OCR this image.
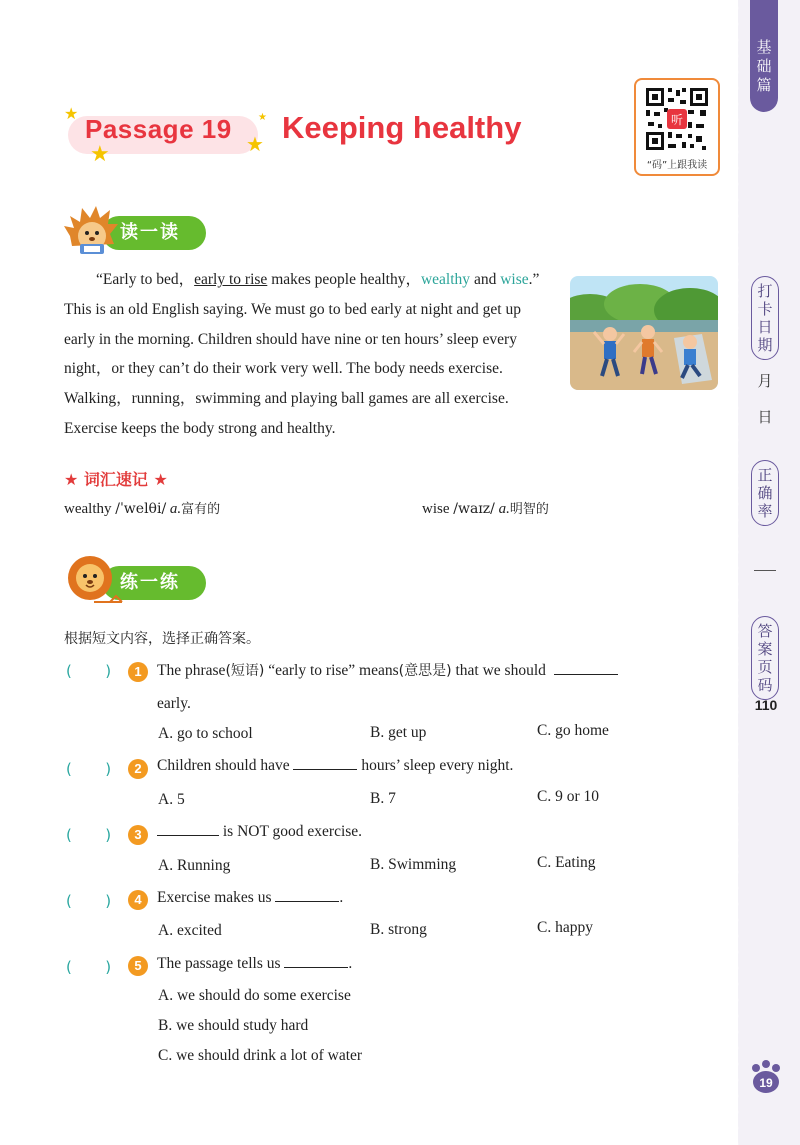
基础篇
打卡日期
月
日
正确率
答案页码
110
Passage 19 Keeping healthy
★
★	★
★	听
“码”上跟我读
读一读

“Early to bed，early to rise makes people healthy，wealthy and wise.” This is an old English saying. We must go to bed early at night and get up early in the morning. Children should have nine or ten hours’ sleep every night，or they can’t do their work very well. The body needs exercise. Walking，running，swimming and playing ball games are all exercise. Exercise keeps the body strong and healthy.

★ 词汇速记 ★
wealthy /ˈwelθi/ a.富有的	wise /waɪz/ a.明智的
练一练
根据短文内容，选择正确答案。
(       )	1 The phrase(短语) “early to rise” means(意思是) that we should
early.
A. go to school	B. get up	C. go home
(       )	2 Children should have	hours’ sleep every night.
A. 5	B. 7	C. 9 or 10
(       )	3	is NOT good exercise.
A. Running	B. Swimming	C. Eating
(       )	4 Exercise makes us	.
A. excited	B. strong	C. happy
(       )	5 The passage tells us	.
A. we should do some exercise
B. we should study hard
C. we should drink a lot of water
19
